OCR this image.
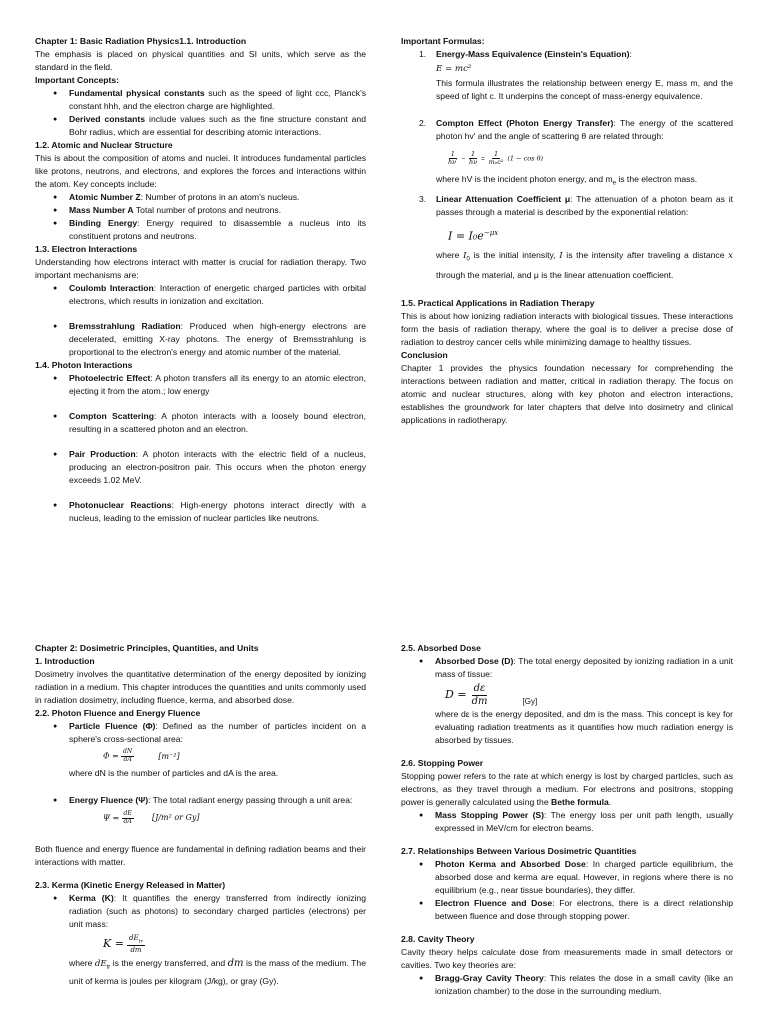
Chapter 1: Basic Radiation Physics1.1. Introduction

The emphasis is placed on physical quantities and SI units, which serve as the standard in the field.

Important Concepts:
● Fundamental physical constants such as the speed of light ccc, Planck's constant hhh, and the electron charge are highlighted.
● Derived constants include values such as the fine structure constant and Bohr radius, which are essential for describing atomic interactions.
1.2. Atomic and Nuclear Structure

This is about the composition of atoms and nuclei. It introduces fundamental particles like protons, neutrons, and electrons, and explores the forces and interactions within the atom. Key concepts include:

● Atomic Number Z: Number of protons in an atom's nucleus.
● Mass Number A Total number of protons and neutrons.
● Binding Energy: Energy required to disassemble a nucleus into its constituent protons and neutrons.
1.3. Electron Interactions

Understanding how electrons interact with matter is crucial for radiation therapy. Two important mechanisms are:

● Coulomb Interaction: Interaction of energetic charged particles with orbital electrons, which results in ionization and excitation.
● Bremsstrahlung Radiation: Produced when high-energy electrons are decelerated, emitting X-ray photons. The energy of Bremsstrahlung is proportional to the electron's energy and atomic number of the material.
1.4. Photon Interactions
● Photoelectric Effect: A photon transfers all its energy to an atomic electron, ejecting it from the atom.; low energy
● Compton Scattering: A photon interacts with a loosely bound electron, resulting in a scattered photon and an electron.
● Pair Production: A photon interacts with the electric field of a nucleus, producing an electron-positron pair. This occurs when the photon energy exceeds 1.02 MeV.
● Photonuclear Reactions: High-energy photons interact directly with a nucleus, leading to the emission of nuclear particles like neutrons.
Important Formulas:
1. Energy-Mass Equivalence (Einstein's Equation):
E = mc²
This formula illustrates the relationship between energy E, mass m, and the speed of light c. It underpins the concept of mass-energy equivalence.
2. Compton Effect (Photon Energy Transfer): The energy of the scattered photon hv′ and the angle of scattering θ are related through:
$\frac{1}{h\nu'} - \frac{1}{h\nu} = \frac{1}{\text{mₑc²}} (1 - \cos \theta)$
where hV is the incident photon energy, and $m_e$ is the electron mass.
3. Linear Attenuation Coefficient μ: The attenuation of a photon beam as it passes through a material is described by the exponential relation:
$I = I_0e^{-\mu x}$
where $I_0$ is the initial intensity, I is the intensity after traveling a distance x through the material, and μ is the linear attenuation coefficient.
1.5. Practical Applications in Radiation Therapy

This is about how ionizing radiation interacts with biological tissues. These interactions form the basis of radiation therapy, where the goal is to deliver a precise dose of radiation to destroy cancer cells while minimizing damage to healthy tissues.

Conclusion

Chapter 1 provides the physics foundation necessary for comprehending the interactions between radiation and matter, critical in radiation therapy. The focus on atomic and nuclear structures, along with key photon and electron interactions, establishes the groundwork for later chapters that delve into dosimetry and clinical applications in radiotherapy.

Chapter 2: Dosimetric Principles, Quantities, and Units
1. Introduction

Dosimetry involves the quantitative determination of the energy deposited by ionizing radiation in a medium. This chapter introduces the quantities and units commonly used in radiation dosimetry, including fluence, kerma, and absorbed dose.

2.2. Photon Fluence and Energy Fluence
● Particle Fluence (Φ): Defined as the number of particles incident on a sphere's cross-sectional area:
$\Phi = \frac{dN}{dA}$	[m⁻²]

where dN is the number of particles and dA is the area.

● Energy Fluence (Ψ): The total radiant energy passing through a unit area:
$\Psi = \frac{dE}{dA} [J/m^2$ or Gy]

Both fluence and energy fluence are fundamental in defining radiation beams and their interactions with matter.

2.3. Kerma (Kinetic Energy Released in Matter)
● Kerma (K): It quantifies the energy transferred from indirectly ionizing radiation (such as photons) to secondary charged particles (electrons) per unit mass:
$K = \frac{dE_{tr}}{dm}$
where $dE_{tr}$ is the energy transferred, and dm is the mass of the medium. The unit of kerma is joules per kilogram (J/kg), or gray (Gy).
2.5. Absorbed Dose
● Absorbed Dose (D): The total energy deposited by ionizing radiation in a unit mass of tissue:
$D = \frac{d\varepsilon}{dm}$	$_{[Gy]}$
where dε is the energy deposited, and dm is the mass. This concept is key for evaluating radiation treatments as it quantifies how much radiation energy is absorbed by tissues.
2.6. Stopping Power

Stopping power refers to the rate at which energy is lost by charged particles, such as electrons, as they travel through a medium. For electrons and positrons, stopping power is generally calculated using the Bethe formula.

● Mass Stopping Power (S): The energy loss per unit path length, usually expressed in MeV/cm for electron beams.
2.7. Relationships Between Various Dosimetric Quantities
● Photon Kerma and Absorbed Dose: In charged particle equilibrium, the absorbed dose and kerma are equal. However, in regions where there is no equilibrium (e.g., near tissue boundaries), they differ.
● Electron Fluence and Dose: For electrons, there is a direct relationship between fluence and dose through stopping power.
2.8. Cavity Theory

Cavity theory helps calculate dose from measurements made in small detectors or cavities. Two key theories are:

● Bragg-Gray Cavity Theory: This relates the dose in a small cavity (like an ionization chamber) to the dose in the surrounding medium.
